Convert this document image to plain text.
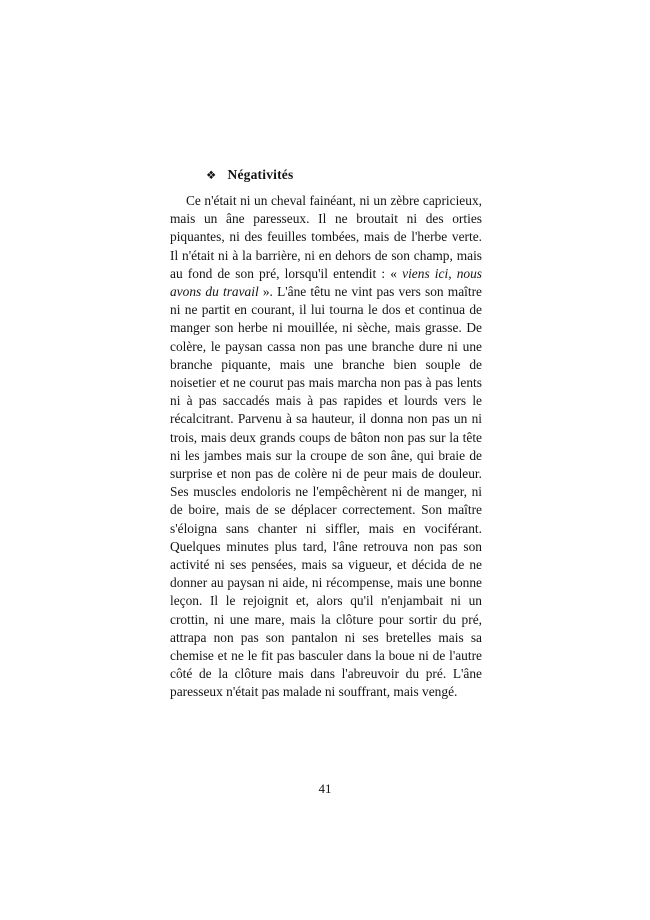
❖ Négativités

Ce n'était ni un cheval fainéant, ni un zèbre capricieux, mais un âne paresseux. Il ne broutait ni des orties piquantes, ni des feuilles tombées, mais de l'herbe verte. Il n'était ni à la barrière, ni en dehors de son champ, mais au fond de son pré, lorsqu'il entendit : « viens ici, nous avons du travail ». L'âne têtu ne vint pas vers son maître ni ne partit en courant, il lui tourna le dos et continua de manger son herbe ni mouillée, ni sèche, mais grasse. De colère, le paysan cassa non pas une branche dure ni une branche piquante, mais une branche bien souple de noisetier et ne courut pas mais marcha non pas à pas lents ni à pas saccadés mais à pas rapides et lourds vers le récalcitrant. Parvenu à sa hauteur, il donna non pas un ni trois, mais deux grands coups de bâton non pas sur la tête ni les jambes mais sur la croupe de son âne, qui braie de surprise et non pas de colère ni de peur mais de douleur. Ses muscles endoloris ne l'empêchèrent ni de manger, ni de boire, mais de se déplacer correctement. Son maître s'éloigna sans chanter ni siffler, mais en vociférant. Quelques minutes plus tard, l'âne retrouva non pas son activité ni ses pensées, mais sa vigueur, et décida de ne donner au paysan ni aide, ni récompense, mais une bonne leçon. Il le rejoignit et, alors qu'il n'enjambait ni un crottin, ni une mare, mais la clôture pour sortir du pré, attrapa non pas son pantalon ni ses bretelles mais sa chemise et ne le fit pas basculer dans la boue ni de l'autre côté de la clôture mais dans l'abreuvoir du pré. L'âne paresseux n'était pas malade ni souffrant, mais vengé.

41
